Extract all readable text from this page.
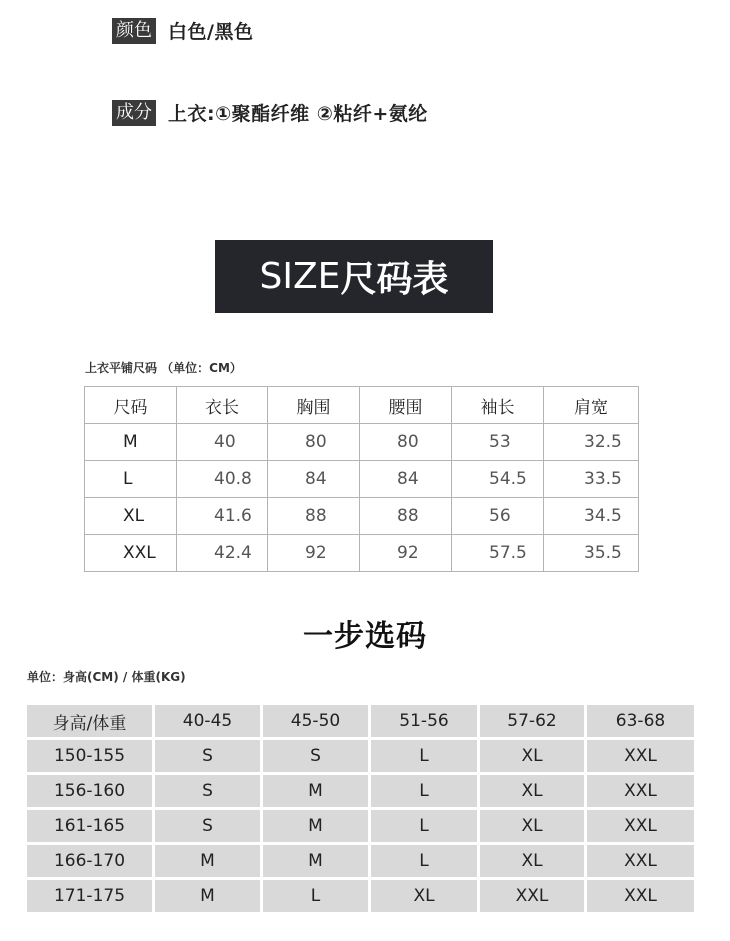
颜色 白色/黑色
成分 上衣:①聚酯纤维 ②粘纤+氨纶
SIZE 尺码表
上衣平铺尺码 （单位：CM）
尺码	衣长	胸围	腰围	袖长	肩宽
M	40	80	80	53	32.5
L	40.8	84	84	54.5	33.5
XL	41.6	88	88	56	34.5
XXL	42.4	92	92	57.5	35.5
一步选码
单位：身高(CM) / 体重(KG)
身高/体重	40-45	45-50	51-56	57-62	63-68
150-155	S	S	L	XL	XXL
156-160	S	M	L	XL	XXL
161-165	S	M	L	XL	XXL
166-170	M	M	L	XL	XXL
171-175	M	L	XL	XXL	XXL
